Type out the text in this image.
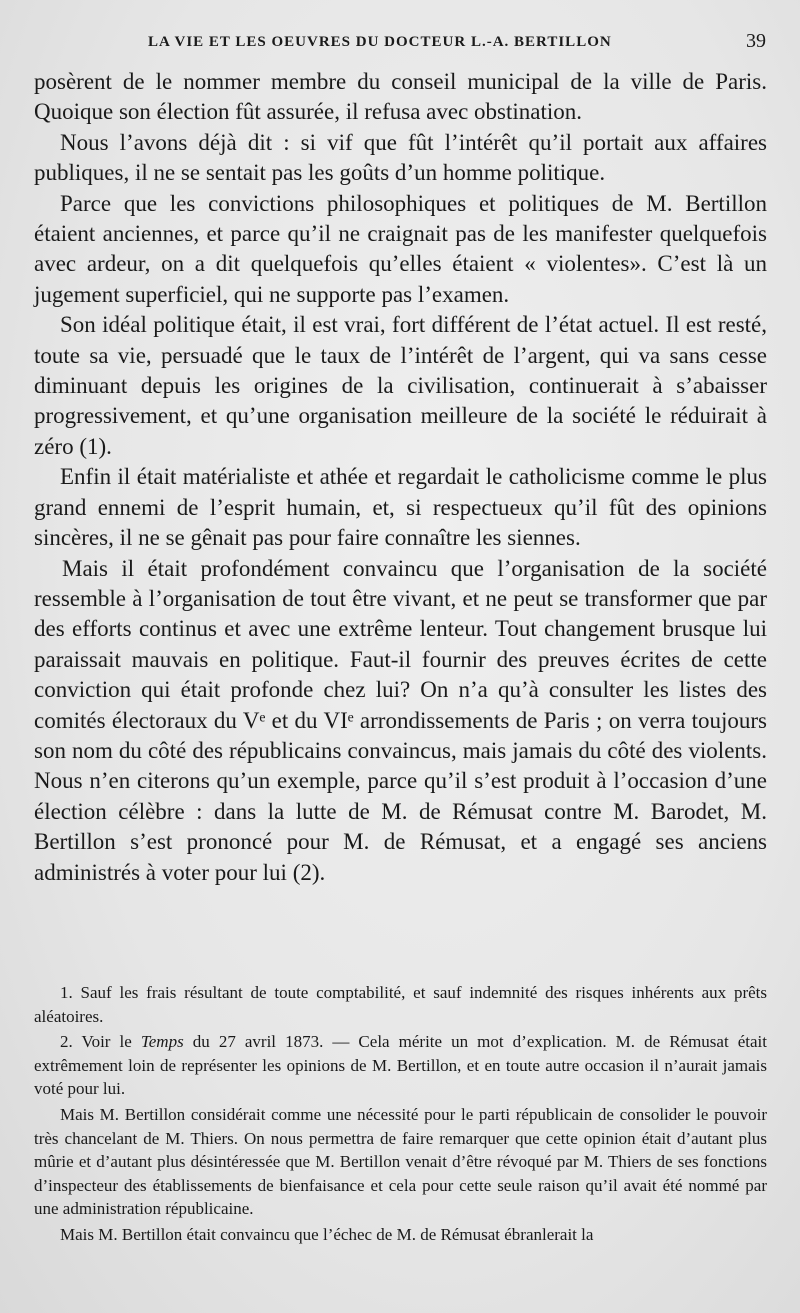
LA VIE ET LES OEUVRES DU DOCTEUR L.-A. BERTILLON	39

posèrent de le nommer membre du conseil municipal de la ville de Paris. Quoique son élection fût assurée, il refusa avec obstination.

Nous l’avons déjà dit : si vif que fût l’intérêt qu’il portait aux affaires publiques, il ne se sentait pas les goûts d’un homme politique.

Parce que les convictions philosophiques et politiques de M. Bertillon étaient anciennes, et parce qu’il ne craignait pas de les manifester quelquefois avec ardeur, on a dit quelquefois qu’elles étaient « violentes». C’est là un jugement superficiel, qui ne supporte pas l’examen.

Son idéal politique était, il est vrai, fort différent de l’état actuel. Il est resté, toute sa vie, persuadé que le taux de l’intérêt de l’argent, qui va sans cesse diminuant depuis les origines de la civilisation, continuerait à s’abaisser progressivement, et qu’une organisation meilleure de la société le réduirait à zéro (1).

Enfin il était matérialiste et athée et regardait le catholicisme comme le plus grand ennemi de l’esprit humain, et, si respectueux qu’il fût des opinions sincères, il ne se gênait pas pour faire connaître les siennes.

Mais il était profondément convaincu que l’organisation de la société ressemble à l’organisation de tout être vivant, et ne peut se transformer que par des efforts continus et avec une extrême lenteur. Tout changement brusque lui paraissait mauvais en politique. Faut-il fournir des preuves écrites de cette conviction qui était profonde chez lui? On n’a qu’à consulter les listes des comités électoraux du Vᵉ et du VIᵉ arrondissements de Paris ; on verra toujours son nom du côté des républicains convaincus, mais jamais du côté des violents. Nous n’en citerons qu’un exemple, parce qu’il s’est produit à l’occasion d’une élection célèbre : dans la lutte de M. de Rémusat contre M. Barodet, M. Bertillon s’est prononcé pour M. de Rémusat, et a engagé ses anciens administrés à voter pour lui (2).

1. Sauf les frais résultant de toute comptabilité, et sauf indemnité des risques inhérents aux prêts aléatoires.

2. Voir le Temps du 27 avril 1873. — Cela mérite un mot d’explication. M. de Rémusat était extrêmement loin de représenter les opinions de M. Bertillon, et en toute autre occasion il n’aurait jamais voté pour lui.

Mais M. Bertillon considérait comme une nécessité pour le parti républicain de consolider le pouvoir très chancelant de M. Thiers. On nous permettra de faire remarquer que cette opinion était d’autant plus mûrie et d’autant plus désintéressée que M. Bertillon venait d’être révoqué par M. Thiers de ses fonctions d’inspecteur des établissements de bienfaisance et cela pour cette seule raison qu’il avait été nommé par une administration républicaine.

Mais M. Bertillon était convaincu que l’échec de M. de Rémusat ébranlerait la
